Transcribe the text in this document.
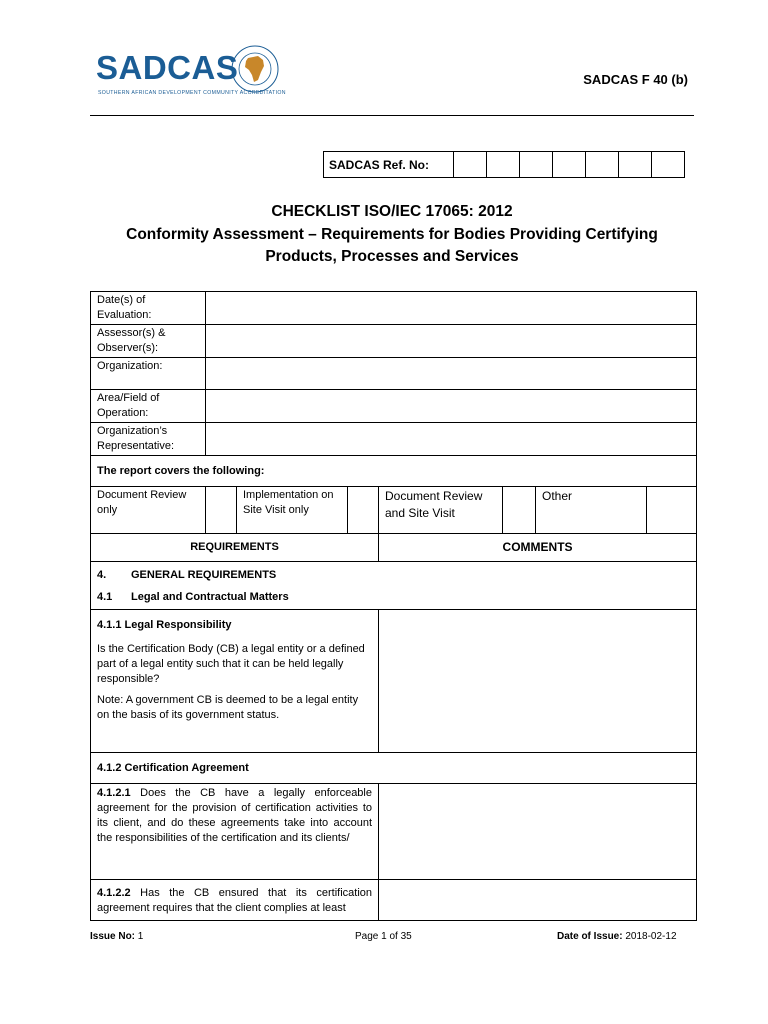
SADCAS
SOUTHERN AFRICAN DEVELOPMENT COMMUNITY ACCREDITATION
SADCAS F 40 (b)
SADCAS Ref. No:							
CHECKLIST ISO/IEC 17065: 2012
Conformity Assessment – Requirements for Bodies Providing Certifying
Products, Processes and Services
Date(s) of Evaluation:							
Assessor(s) & Observer(s):							
Organization:							
Area/Field of Operation:							
Organization’s Representative:							
The report covers the following:							
Document Review only		Implementation on Site Visit only		Document Review and Site Visit		Other	
REQUIREMENTS				COMMENTS			

4. GENERAL REQUIREMENTS
4.1 Legal and Contractual Matters							

4.1.1 Legal Responsibility

Is the Certification Body (CB) a legal entity or a defined part of a legal entity such that it can be held legally responsible?

Note: A government CB is deemed to be a legal entity on the basis of its government status.							

4.1.2 Certification Agreement							
4.1.2.1 Does the CB have a legally enforceable agreement for the provision of certification activities to its client, and do these agreements take into account the responsibilities of the certification and its clients/							
4.1.2.2 Has the CB ensured that its certification agreement requires that the client complies at least							
Issue No: 1	Page 1 of 35	Date of Issue: 2018-02-12
